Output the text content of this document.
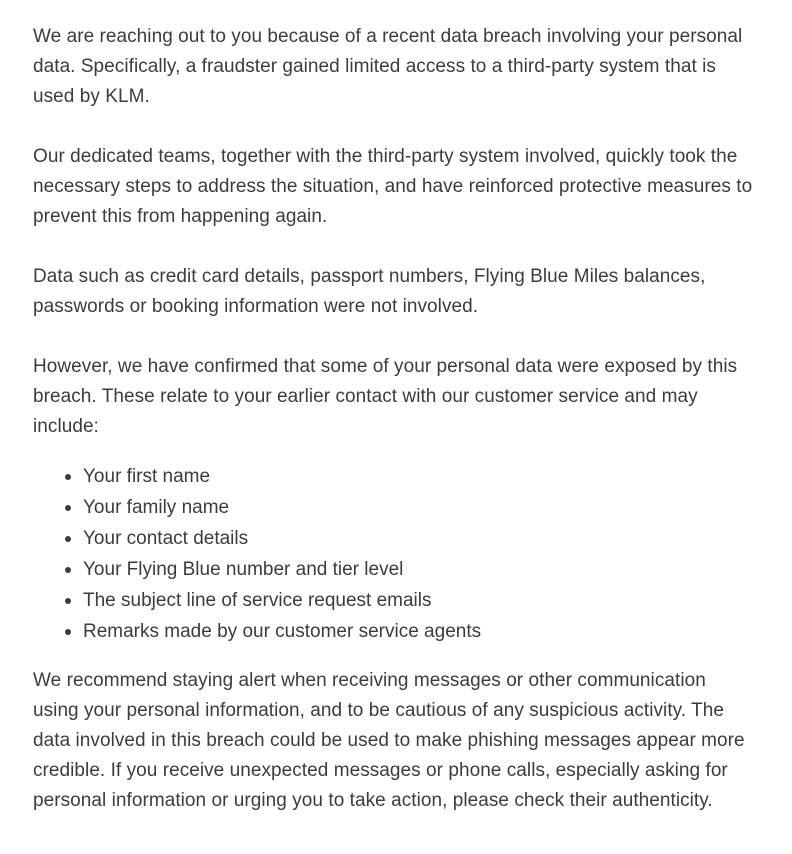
We are reaching out to you because of a recent data breach involving your personal data. Specifically, a fraudster gained limited access to a third-party system that is used by KLM.

Our dedicated teams, together with the third-party system involved, quickly took the necessary steps to address the situation, and have reinforced protective measures to prevent this from happening again.

Data such as credit card details, passport numbers, Flying Blue Miles balances, passwords or booking information were not involved.

However, we have confirmed that some of your personal data were exposed by this breach. These relate to your earlier contact with our customer service and may include:

Your first name
Your family name
Your contact details
Your Flying Blue number and tier level
The subject line of service request emails
Remarks made by our customer service agents

We recommend staying alert when receiving messages or other communication using your personal information, and to be cautious of any suspicious activity. The data involved in this breach could be used to make phishing messages appear more credible. If you receive unexpected messages or phone calls, especially asking for personal information or urging you to take action, please check their authenticity.
